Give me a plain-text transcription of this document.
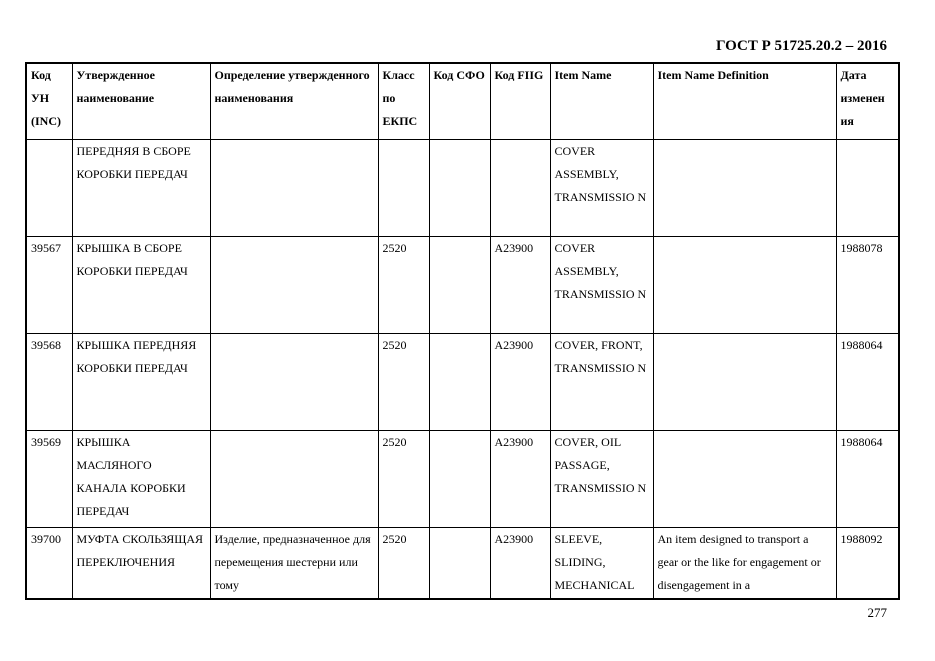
ГОСТ Р 51725.20.2 – 2016
Код УН (INC)	Утвержденное наименование	Определение утвержденного наименования	Класс по ЕКПС	Код СФО	Код FIIG	Item Name	Item Name Definition	Дата изменен ия
	ПЕРЕДНЯЯ В СБОРЕ КОРОБКИ ПЕРЕДАЧ					COVER ASSEMBLY, TRANSMISSIO N		
39567	КРЫШКА В СБОРЕ КОРОБКИ ПЕРЕДАЧ		2520		A23900	COVER ASSEMBLY, TRANSMISSIO N		1988078
39568	КРЫШКА ПЕРЕДНЯЯ КОРОБКИ ПЕРЕДАЧ		2520		A23900	COVER, FRONT, TRANSMISSIO N		1988064
39569	КРЫШКА МАСЛЯНОГО КАНАЛА КОРОБКИ ПЕРЕДАЧ		2520		A23900	COVER, OIL PASSAGE, TRANSMISSIO N		1988064
39700	МУФТА СКОЛЬЗЯЩАЯ ПЕРЕКЛЮЧЕНИЯ	Изделие, предназначенное для перемещения шестерни или тому	2520		A23900	SLEEVE, SLIDING, MECHANICAL	An item designed to transport a gear or the like for engagement or disengagement in a	1988092
277
